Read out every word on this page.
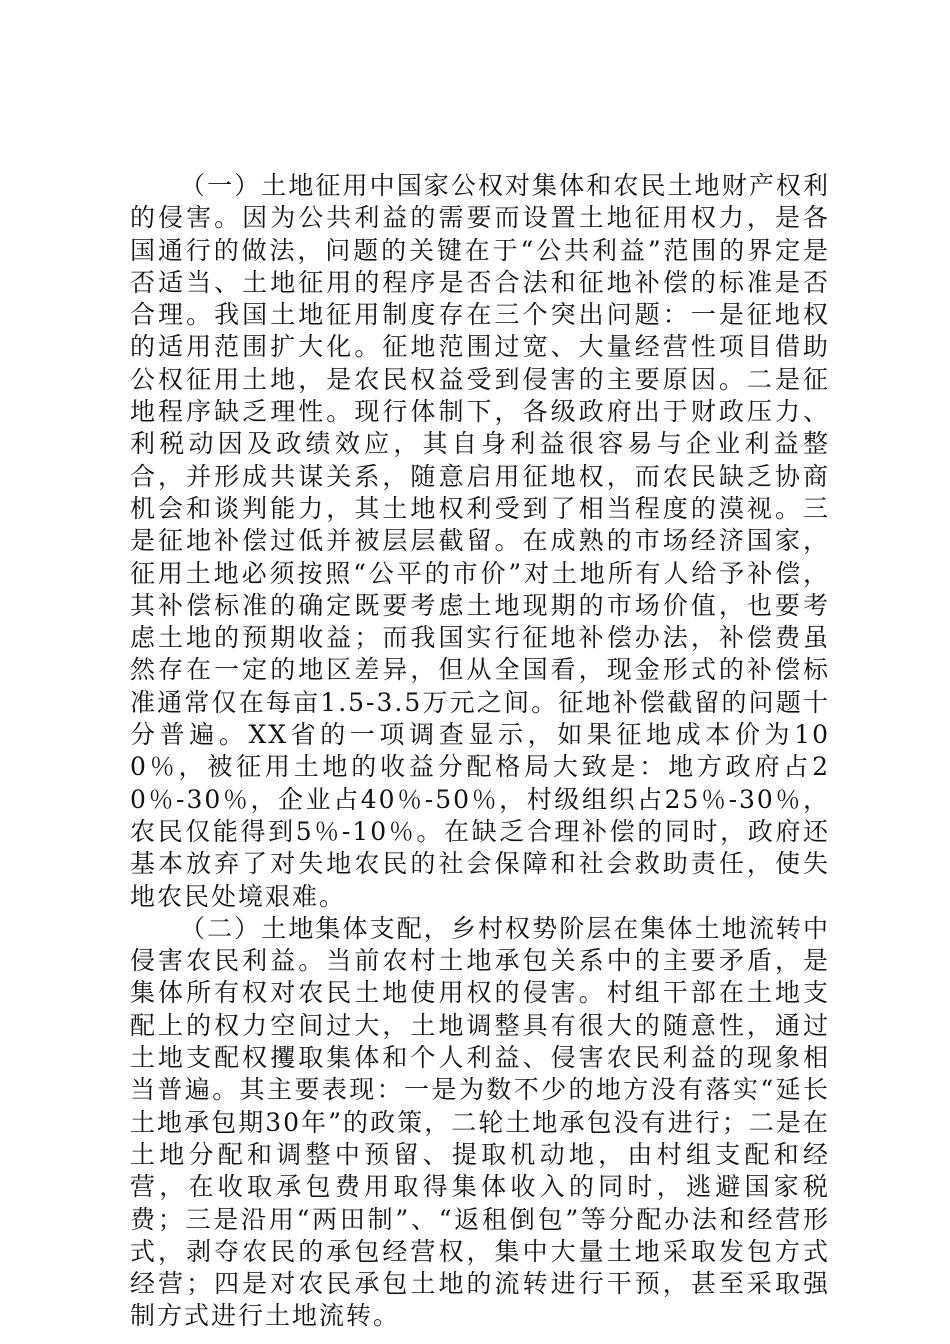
（一）土地征用中国家公权对集体和农民土地财产权利的侵害。因为公共利益的需要而设置土地征用权力，是各国通行的做法，问题的关键在于“公共利益”范围的界定是否适当、土地征用的程序是否合法和征地补偿的标准是否合理。我国土地征用制度存在三个突出问题：一是征地权的适用范围扩大化。征地范围过宽、大量经营性项目借助公权征用土地，是农民权益受到侵害的主要原因。二是征地程序缺乏理性。现行体制下，各级政府出于财政压力、利税动因及政绩效应，其自身利益很容易与企业利益整合，并形成共谋关系，随意启用征地权，而农民缺乏协商机会和谈判能力，其土地权利受到了相当程度的漠视。三是征地补偿过低并被层层截留。在成熟的市场经济国家，征用土地必须按照“公平的市价”对土地所有人给予补偿，其补偿标准的确定既要考虑土地现期的市场价值，也要考虑土地的预期收益；而我国实行征地补偿办法，补偿费虽然存在一定的地区差异，但从全国看，现金形式的补偿标准通常仅在每亩1.5-3.5万元之间。征地补偿截留的问题十分普遍。XX省的一项调查显示，如果征地成本价为100％，被征用土地的收益分配格局大致是：地方政府占20％-30％，企业占40％-50％，村级组织占25％-30％，农民仅能得到5％-10％。在缺乏合理补偿的同时，政府还基本放弃了对失地农民的社会保障和社会救助责任，使失地农民处境艰难。

（二）土地集体支配，乡村权势阶层在集体土地流转中侵害农民利益。当前农村土地承包关系中的主要矛盾，是集体所有权对农民土地使用权的侵害。村组干部在土地支配上的权力空间过大，土地调整具有很大的随意性，通过土地支配权攫取集体和个人利益、侵害农民利益的现象相当普遍。其主要表现：一是为数不少的地方没有落实“延长土地承包期30年”的政策，二轮土地承包没有进行；二是在土地分配和调整中预留、提取机动地，由村组支配和经营，在收取承包费用取得集体收入的同时，逃避国家税费；三是沿用“两田制”、“返租倒包”等分配办法和经营形式，剥夺农民的承包经营权，集中大量土地采取发包方式经营；四是对农民承包土地的流转进行干预，甚至采取强制方式进行土地流转。
